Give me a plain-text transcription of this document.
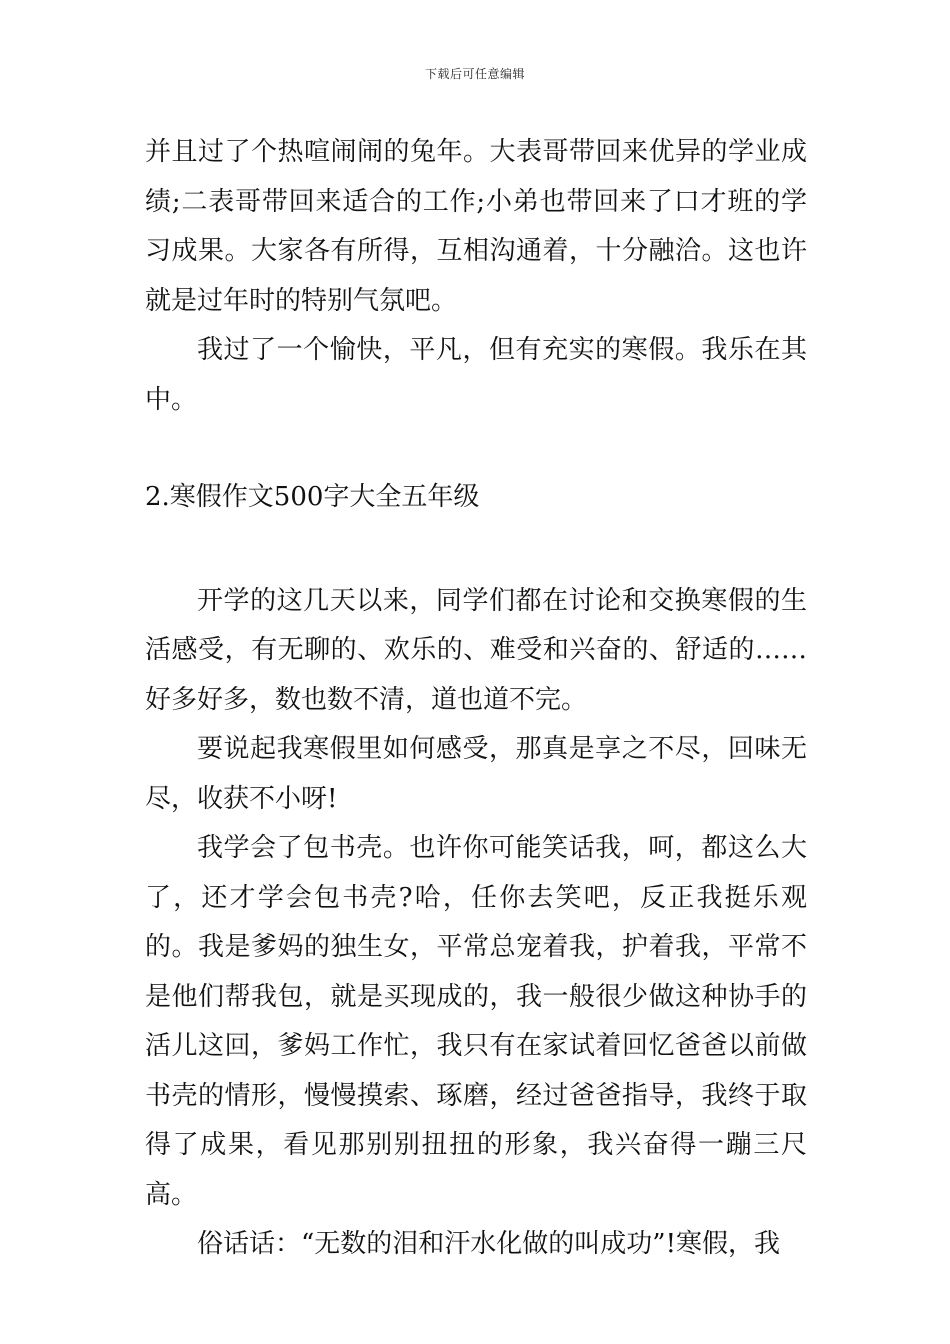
下载后可任意编辑

并且过了个热喧闹闹的兔年。大表哥带回来优异的学业成绩;二表哥带回来适合的工作;小弟也带回来了口才班的学习成果。大家各有所得，互相沟通着，十分融洽。这也许就是过年时的特别气氛吧。

我过了一个愉快，平凡，但有充实的寒假。我乐在其中。

2.寒假作文500字大全五年级

开学的这几天以来，同学们都在讨论和交换寒假的生活感受，有无聊的、欢乐的、难受和兴奋的、舒适的……好多好多，数也数不清，道也道不完。

要说起我寒假里如何感受，那真是享之不尽，回味无尽，收获不小呀!

我学会了包书壳。也许你可能笑话我，呵，都这么大了，还才学会包书壳?哈，任你去笑吧，反正我挺乐观的。我是爹妈的独生女，平常总宠着我，护着我，平常不是他们帮我包，就是买现成的，我一般很少做这种协手的活儿这回，爹妈工作忙，我只有在家试着回忆爸爸以前做书壳的情形，慢慢摸索、琢磨，经过爸爸指导，我终于取得了成果，看见那别别扭扭的形象，我兴奋得一蹦三尺高。

俗话话：“无数的泪和汗水化做的叫成功”!寒假，我
